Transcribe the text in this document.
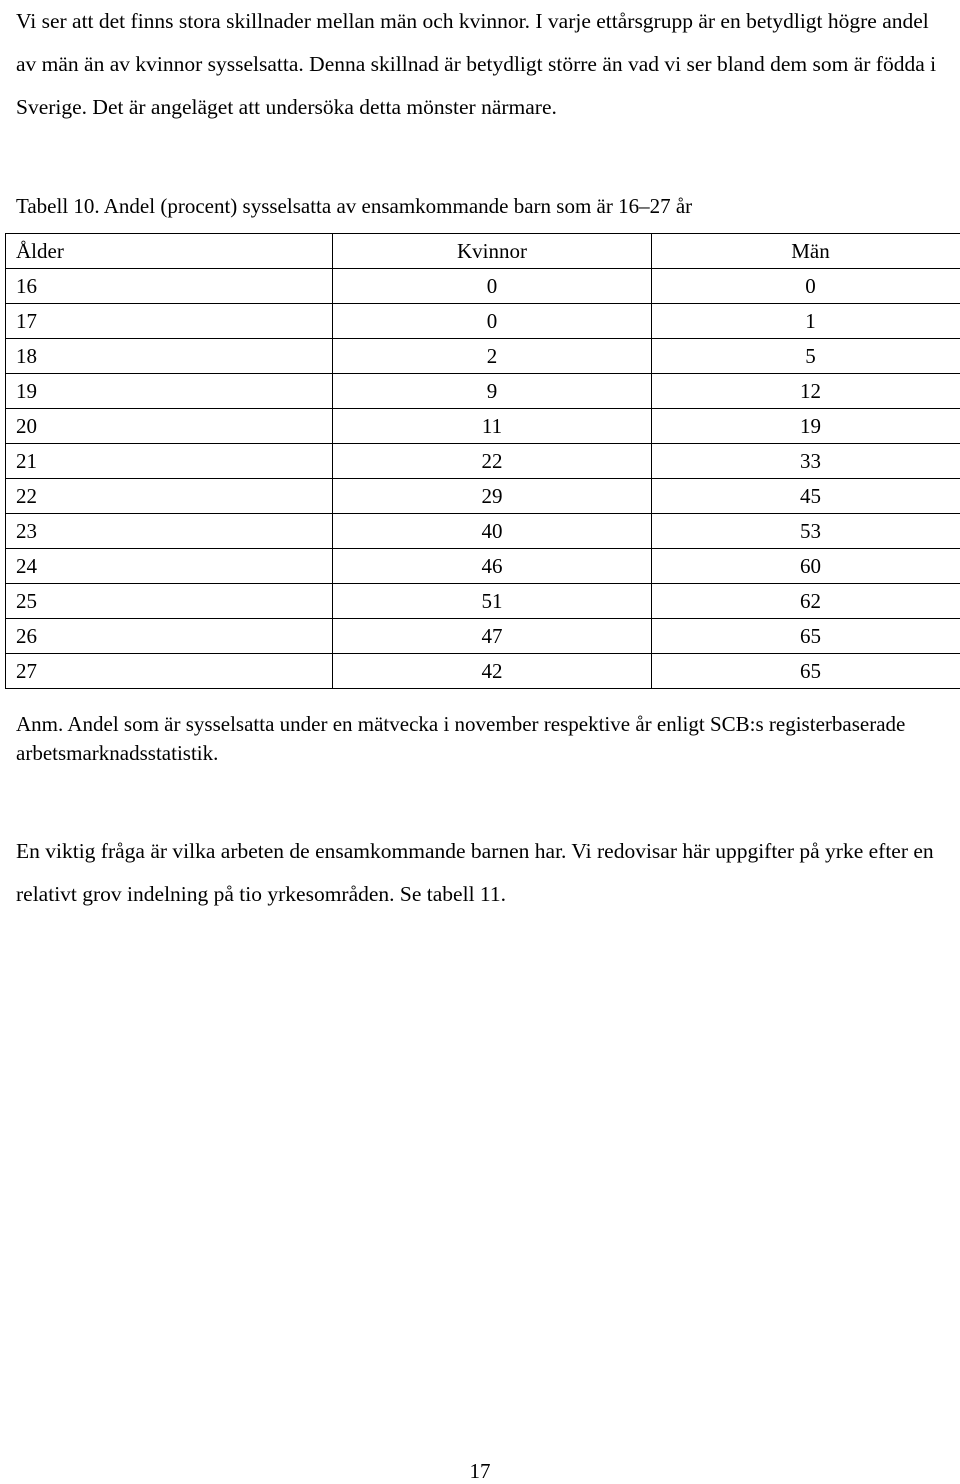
Vi ser att det finns stora skillnader mellan män och kvinnor. I varje ettårsgrupp är en betydligt högre andel av män än av kvinnor sysselsatta. Denna skillnad är betydligt större än vad vi ser bland dem som är födda i Sverige. Det är angeläget att undersöka detta mönster närmare.

Tabell 10. Andel (procent) sysselsatta av ensamkommande barn som är 16–27 år

Ålder	Kvinnor	Män
16	0	0
17	0	1
18	2	5
19	9	12
20	11	19
21	22	33
22	29	45
23	40	53
24	46	60
25	51	62
26	47	65
27	42	65

Anm. Andel som är sysselsatta under en mätvecka i november respektive år enligt SCB:s registerbaserade arbetsmarknadsstatistik.

En viktig fråga är vilka arbeten de ensamkommande barnen har. Vi redovisar här uppgifter på yrke efter en relativt grov indelning på tio yrkesområden. Se tabell 11.

17
